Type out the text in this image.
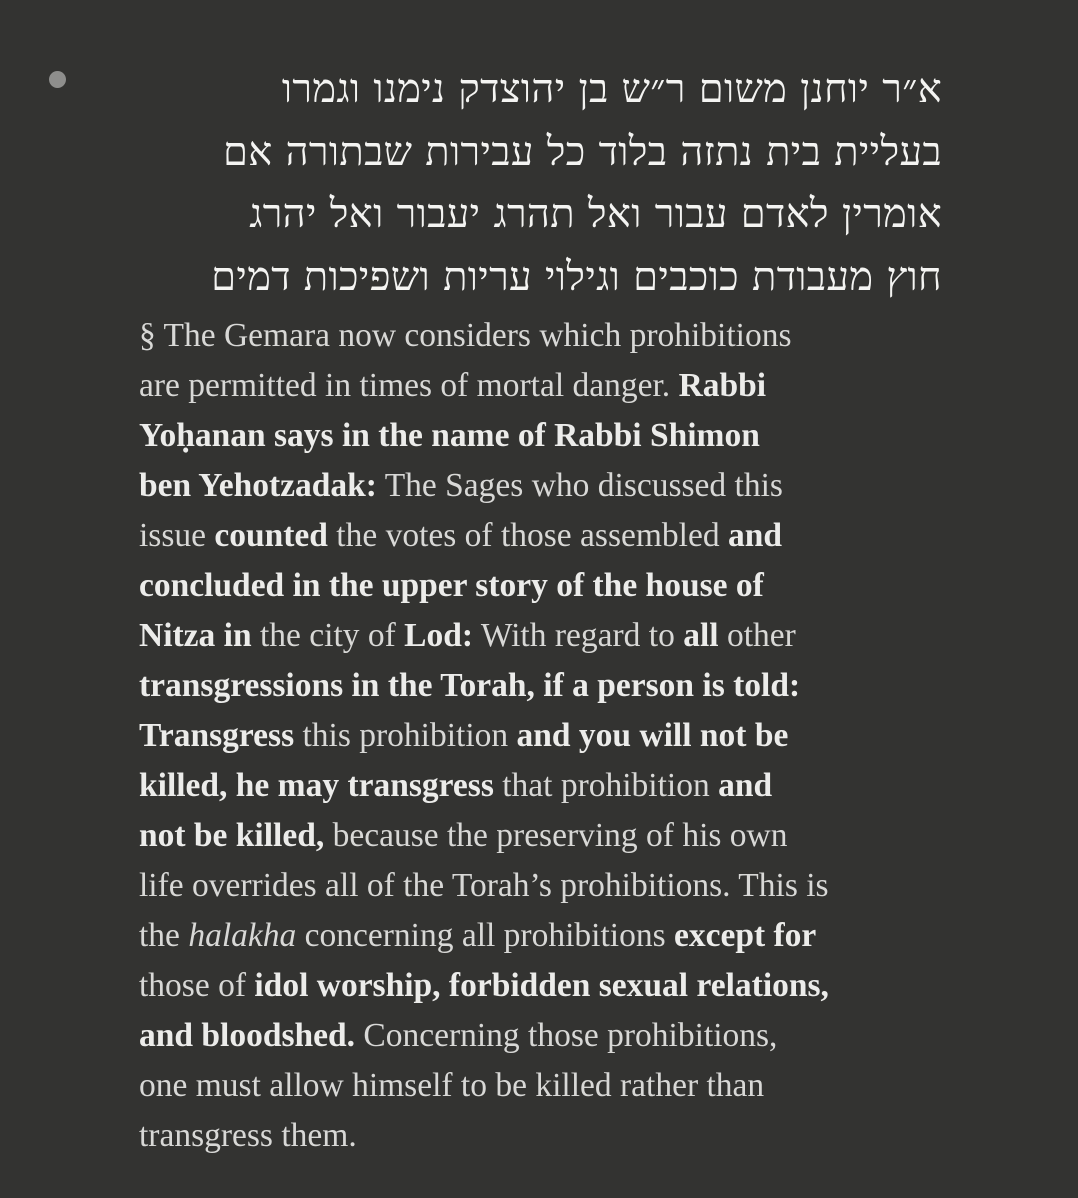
א״ר יוחנן משום ר״ש בן יהוצדק נימנו וגמרו
בעליית בית נתזה בלוד כל עבירות שבתורה אם
אומרין לאדם עבור ואל תהרג יעבור ואל יהרג
חוץ מעבודת כוכבים וגילוי עריות ושפיכות דמים
§ The Gemara now considers which prohibitions
are permitted in times of mortal danger. Rabbi
Yoḥanan says in the name of Rabbi Shimon
ben Yehotzadak: The Sages who discussed this
issue counted the votes of those assembled and
concluded in the upper story of the house of
Nitza in the city of Lod: With regard to all other
transgressions in the Torah, if a person is told:
Transgress this prohibition and you will not be
killed, he may transgress that prohibition and
not be killed, because the preserving of his own
life overrides all of the Torah’s prohibitions. This is
the halakha concerning all prohibitions except for
those of idol worship, forbidden sexual relations,
and bloodshed. Concerning those prohibitions,
one must allow himself to be killed rather than
transgress them.
